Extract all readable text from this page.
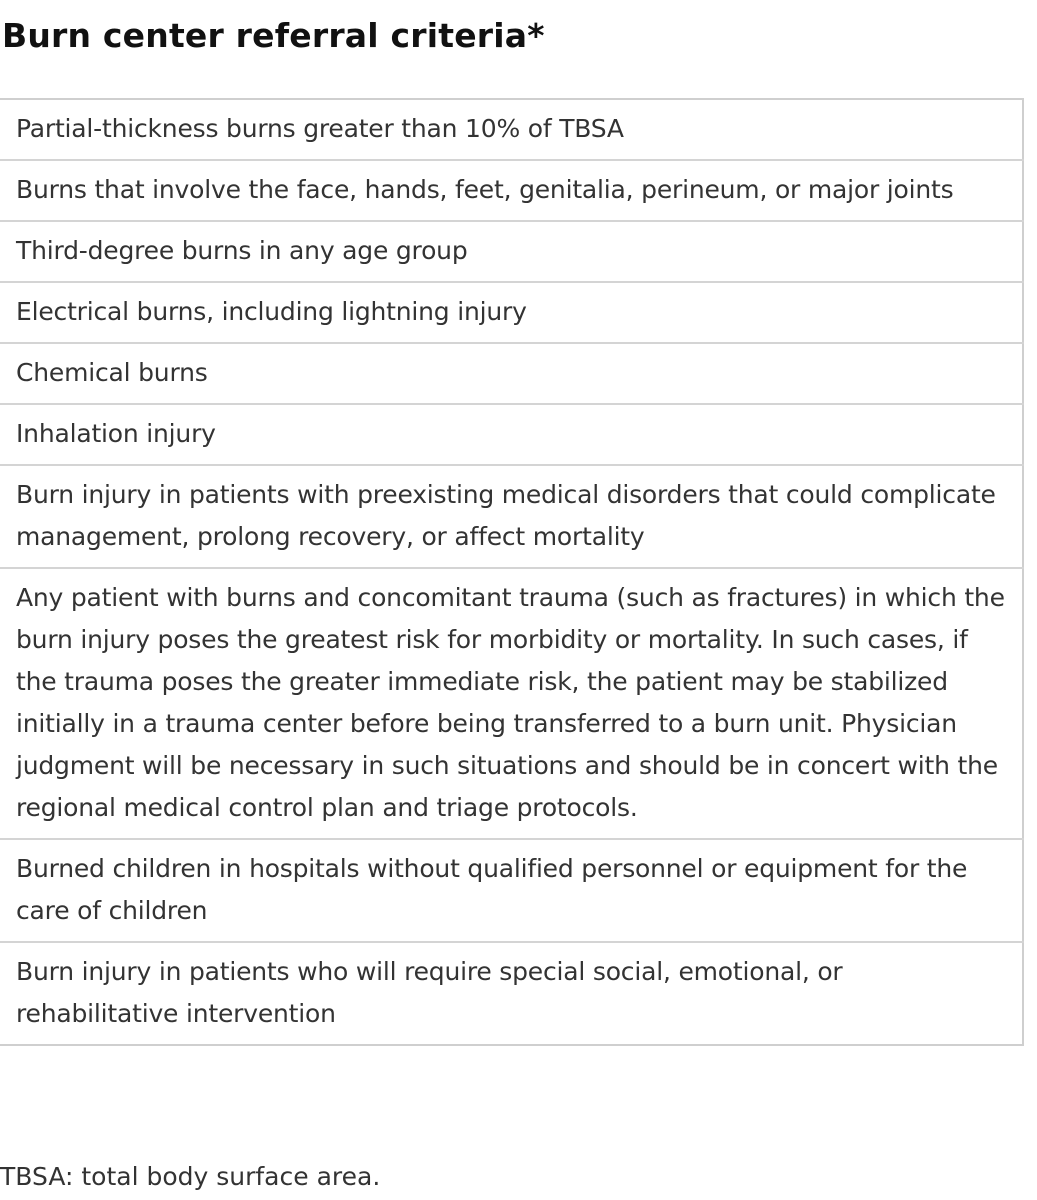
Burn center referral criteria*
Partial-thickness burns greater than 10% of TBSA
Burns that involve the face, hands, feet, genitalia, perineum, or major joints
Third-degree burns in any age group
Electrical burns, including lightning injury
Chemical burns
Inhalation injury
Burn injury in patients with preexisting medical disorders that could complicate management, prolong recovery, or affect mortality
Any patient with burns and concomitant trauma (such as fractures) in which the burn injury poses the greatest risk for morbidity or mortality. In such cases, if the trauma poses the greater immediate risk, the patient may be stabilized initially in a trauma center before being transferred to a burn unit. Physician judgment will be necessary in such situations and should be in concert with the regional medical control plan and triage protocols.
Burned children in hospitals without qualified personnel or equipment for the care of children
Burn injury in patients who will require special social, emotional, or rehabilitative intervention

TBSA: total body surface area.
